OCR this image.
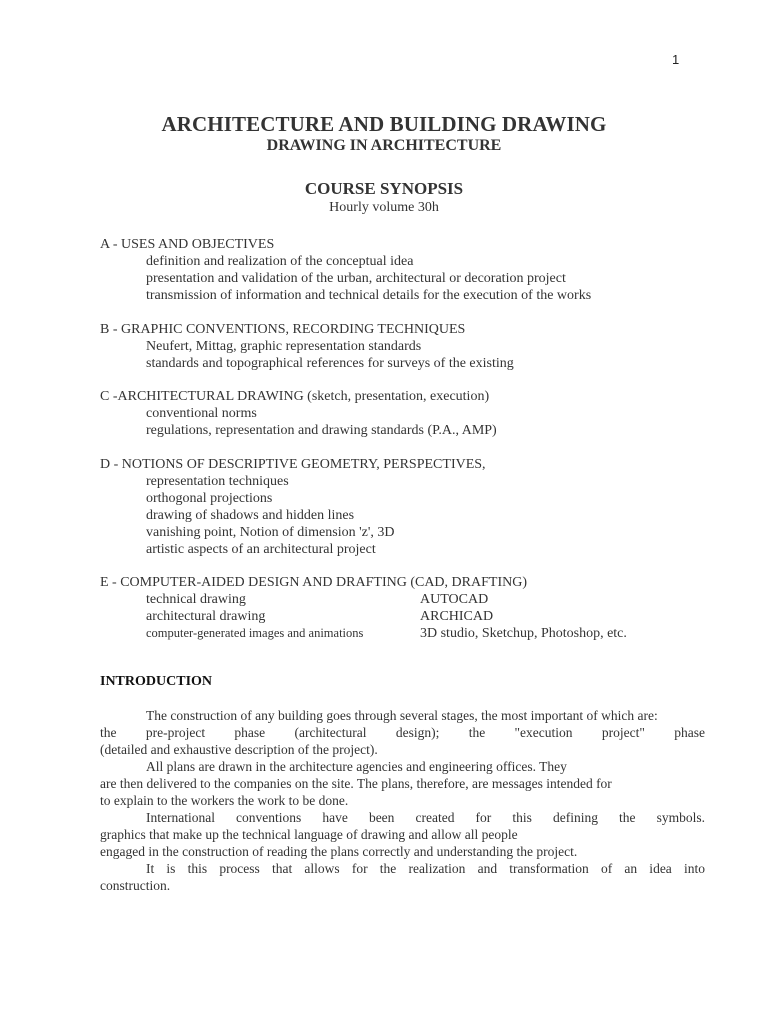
1
ARCHITECTURE AND BUILDING DRAWING
DRAWING IN ARCHITECTURE
COURSE SYNOPSIS
Hourly volume 30h
A - USES AND OBJECTIVES
definition and realization of the conceptual idea
presentation and validation of the urban, architectural or decoration project
transmission of information and technical details for the execution of the works
B - GRAPHIC CONVENTIONS, RECORDING TECHNIQUES
Neufert, Mittag, graphic representation standards
standards and topographical references for surveys of the existing
C -ARCHITECTURAL DRAWING (sketch, presentation, execution)
conventional norms
regulations, representation and drawing standards (P.A., AMP)
D - NOTIONS OF DESCRIPTIVE GEOMETRY, PERSPECTIVES,
representation techniques
orthogonal projections
drawing of shadows and hidden lines
vanishing point, Notion of dimension 'z', 3D
artistic aspects of an architectural project
E - COMPUTER-AIDED DESIGN AND DRAFTING (CAD, DRAFTING)
technical drawing	AUTOCAD
architectural drawing	ARCHICAD
computer-generated images and animations	3D studio, Sketchup, Photoshop, etc.
INTRODUCTION
The construction of any building goes through several stages, the most important of which are:
the pre-project phase (architectural design); the "execution project" phase
(detailed and exhaustive description of the project).
All plans are drawn in the architecture agencies and engineering offices. They
are then delivered to the companies on the site. The plans, therefore, are messages intended for
to explain to the workers the work to be done.
International conventions have been created for this defining the symbols.
graphics that make up the technical language of drawing and allow all people
engaged in the construction of reading the plans correctly and understanding the project.
It is this process that allows for the realization and transformation of an idea into
construction.
